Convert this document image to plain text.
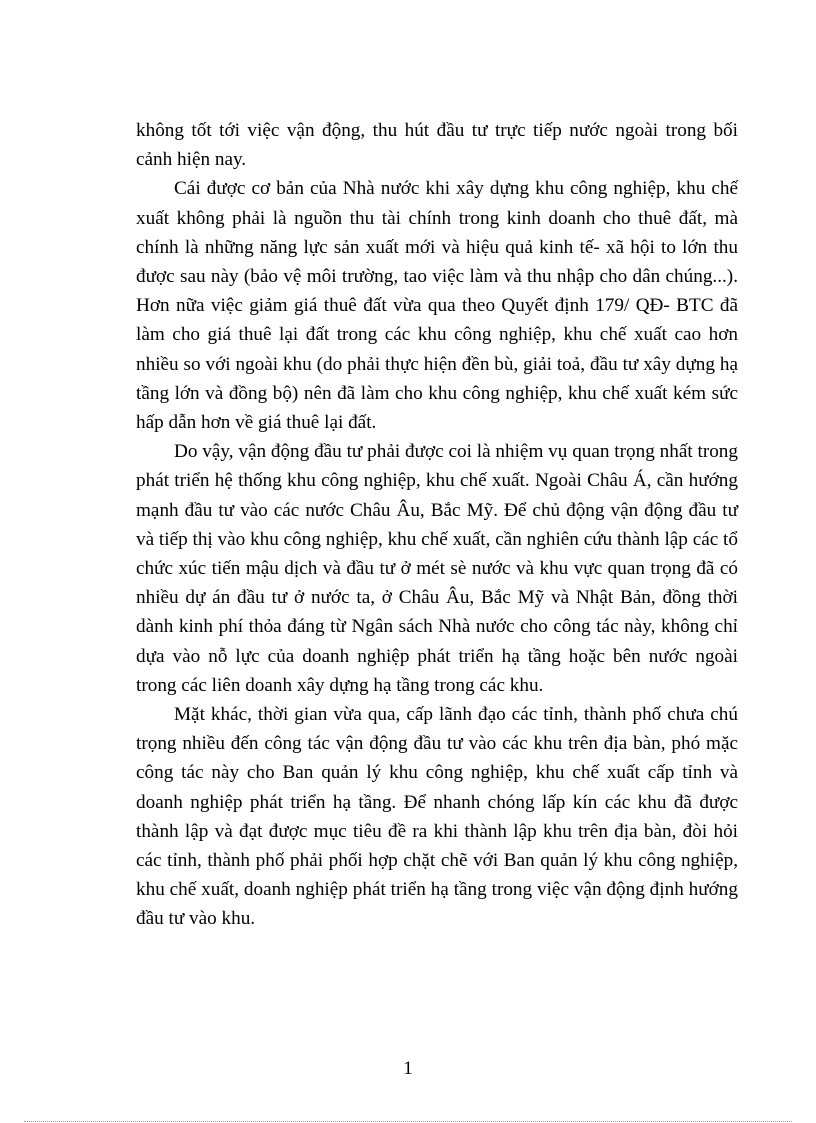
không tốt tới việc vận động, thu hút đầu tư trực tiếp nước ngoài trong bối cảnh hiện nay.

Cái được cơ bản của Nhà nước khi xây dựng khu công nghiệp, khu chế xuất không phải là nguồn thu tài chính trong kinh doanh cho thuê đất, mà chính là những năng lực sản xuất mới và hiệu quả kinh tế- xã hội to lớn thu được sau này (bảo vệ môi trường, tao việc làm và thu nhập cho dân chúng...). Hơn nữa việc giảm giá thuê đất vừa qua theo Quyết định 179/ QĐ- BTC đã làm cho giá thuê lại đất trong các khu công nghiệp, khu chế xuất cao hơn nhiều so với ngoài khu (do phải thực hiện đền bù, giải toả, đầu tư xây dựng hạ tầng lớn và đồng bộ) nên đã làm cho khu công nghiệp, khu chế xuất kém sức hấp dẫn hơn về giá thuê lại đất.

Do vậy, vận động đầu tư phải được coi là nhiệm vụ quan trọng nhất trong phát triển hệ thống khu công nghiệp, khu chế xuất. Ngoài Châu Á, cần hướng mạnh đầu tư vào các nước Châu Âu, Bắc Mỹ. Để chủ động vận động đầu tư và tiếp thị vào khu công nghiệp, khu chế xuất, cần nghiên cứu thành lập các tổ chức xúc tiến mậu dịch và đầu tư ở mét sè nước và khu vực quan trọng đã có nhiều dự án đầu tư ở nước ta, ở Châu Âu, Bắc Mỹ và Nhật Bản, đồng thời dành kinh phí thỏa đáng từ Ngân sách Nhà nước cho công tác này, không chỉ dựa vào nỗ lực của doanh nghiệp phát triển hạ tầng hoặc bên nước ngoài trong các liên doanh xây dựng hạ tầng trong các khu.

Mặt khác, thời gian vừa qua, cấp lãnh đạo các tỉnh, thành phố chưa chú trọng nhiều đến công tác vận động đầu tư vào các khu trên địa bàn, phó mặc công tác này cho Ban quản lý khu công nghiệp, khu chế xuất cấp tỉnh và doanh nghiệp phát triển hạ tầng. Để nhanh chóng lấp kín các khu đã được thành lập và đạt được mục tiêu đề ra khi thành lập khu trên địa bàn, đòi hỏi các tỉnh, thành phố phải phối hợp chặt chẽ với Ban quản lý khu công nghiệp, khu chế xuất, doanh nghiệp phát triển hạ tầng trong việc vận động định hướng đầu tư vào khu.

1
